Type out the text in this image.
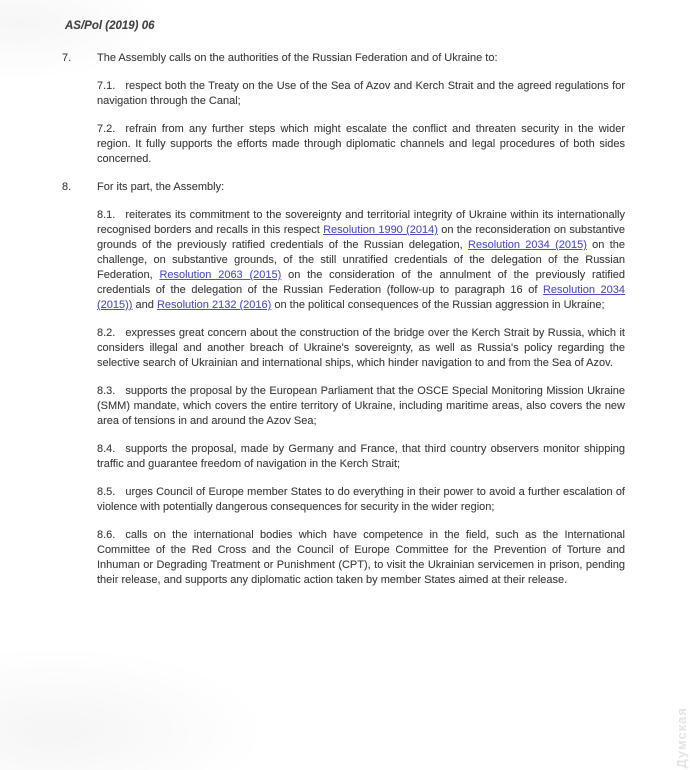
AS/Pol (2019) 06
7.	The Assembly calls on the authorities of the Russian Federation and of Ukraine to:
7.1. respect both the Treaty on the Use of the Sea of Azov and Kerch Strait and the agreed regulations for navigation through the Canal;
7.2. refrain from any further steps which might escalate the conflict and threaten security in the wider region. It fully supports the efforts made through diplomatic channels and legal procedures of both sides concerned.
8.	For its part, the Assembly:
8.1. reiterates its commitment to the sovereignty and territorial integrity of Ukraine within its internationally recognised borders and recalls in this respect Resolution 1990 (2014) on the reconsideration on substantive grounds of the previously ratified credentials of the Russian delegation, Resolution 2034 (2015) on the challenge, on substantive grounds, of the still unratified credentials of the delegation of the Russian Federation, Resolution 2063 (2015) on the consideration of the annulment of the previously ratified credentials of the delegation of the Russian Federation (follow-up to paragraph 16 of Resolution 2034 (2015)) and Resolution 2132 (2016) on the political consequences of the Russian aggression in Ukraine;
8.2. expresses great concern about the construction of the bridge over the Kerch Strait by Russia, which it considers illegal and another breach of Ukraine's sovereignty, as well as Russia's policy regarding the selective search of Ukrainian and international ships, which hinder navigation to and from the Sea of Azov.
8.3. supports the proposal by the European Parliament that the OSCE Special Monitoring Mission Ukraine (SMM) mandate, which covers the entire territory of Ukraine, including maritime areas, also covers the new area of tensions in and around the Azov Sea;
8.4. supports the proposal, made by Germany and France, that third country observers monitor shipping traffic and guarantee freedom of navigation in the Kerch Strait;
8.5. urges Council of Europe member States to do everything in their power to avoid a further escalation of violence with potentially dangerous consequences for security in the wider region;
8.6. calls on the international bodies which have competence in the field, such as the International Committee of the Red Cross and the Council of Europe Committee for the Prevention of Torture and Inhuman or Degrading Treatment or Punishment (CPT), to visit the Ukrainian servicemen in prison, pending their release, and supports any diplomatic action taken by member States aimed at their release.
Думская
